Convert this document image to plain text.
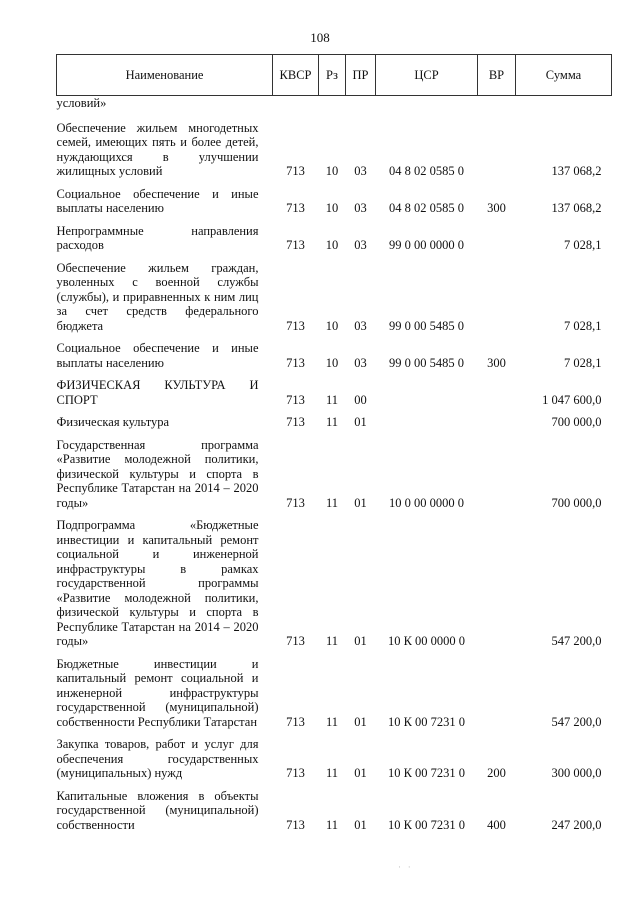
108
Наименование	КВСР	Рз	ПР	ЦСР	ВР	Сумма
условий»						

Обеспечение жильем многодетных семей, имеющих пять и более детей, нуждающихся в улучшении жилищных условий	713	10	03	04 8 02 0585 0		137 068,2
Социальное обеспечение и иные выплаты населению	713	10	03	04 8 02 0585 0	300	137 068,2
Непрограммные направления расходов	713	10	03	99 0 00 0000 0		7 028,1
Обеспечение жильем граждан, уволенных с военной службы (службы), и приравненных к ним лиц за счет средств федерального бюджета	713	10	03	99 0 00 5485 0		7 028,1
Социальное обеспечение и иные выплаты населению	713	10	03	99 0 00 5485 0	300	7 028,1
ФИЗИЧЕСКАЯ КУЛЬТУРА И СПОРТ	713	11	00			1 047 600,0
Физическая культура	713	11	01			700 000,0
Государственная программа «Развитие молодежной политики, физической культуры и спорта в Республике Татарстан на 2014 – 2020 годы»	713	11	01	10 0 00 0000 0		700 000,0
Подпрограмма «Бюджетные инвестиции и капитальный ремонт социальной и инженерной инфраструктуры в рамках государственной программы «Развитие молодежной политики, физической культуры и спорта в Республике Татарстан на 2014 – 2020 годы»	713	11	01	10 К 00 0000 0		547 200,0
Бюджетные инвестиции и капитальный ремонт социальной и инженерной инфраструктуры государственной (муниципальной) собственности Республики Татарстан	713	11	01	10 К 00 7231 0		547 200,0
Закупка товаров, работ и услуг для обеспечения государственных (муниципальных) нужд	713	11	01	10 К 00 7231 0	200	300 000,0
Капитальные вложения в объекты государственной (муниципальной) собственности	713	11	01	10 К 00 7231 0	400	247 200,0
·   ·
